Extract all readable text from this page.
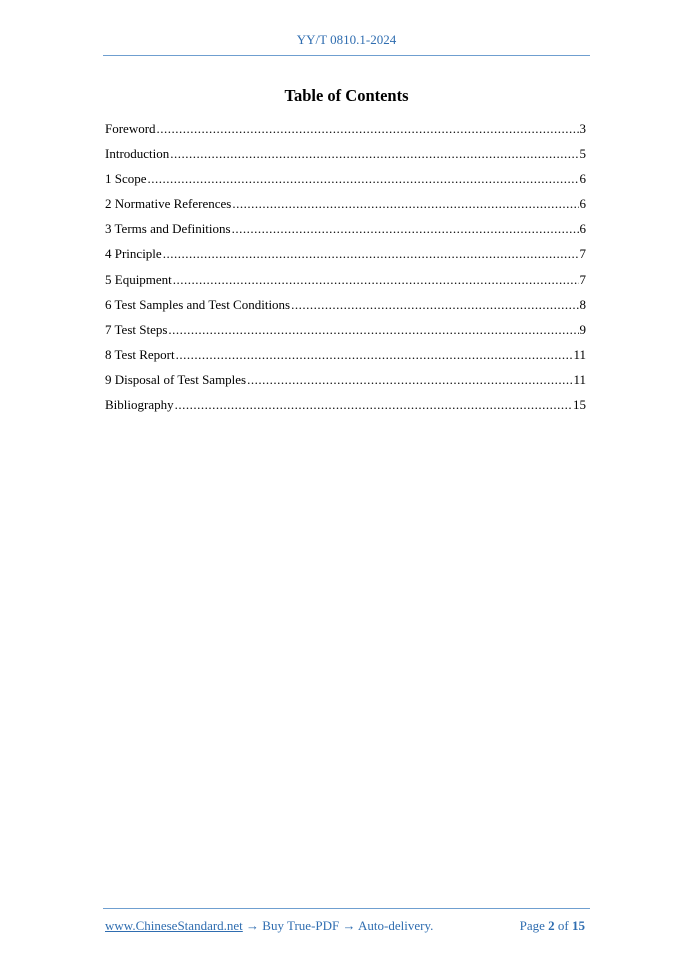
YY/T 0810.1-2024
Table of Contents
Foreword .....	3
Introduction .....	5
1 Scope .....	6
2 Normative References .....	6
3 Terms and Definitions .....	6
4 Principle .....	7
5 Equipment .....	7
6 Test Samples and Test Conditions .....	8
7 Test Steps .....	9
8 Test Report .....	11
9 Disposal of Test Samples .....	11
Bibliography .....	15
www.ChineseStandard.net → Buy True-PDF → Auto-delivery.	Page 2 of 15
